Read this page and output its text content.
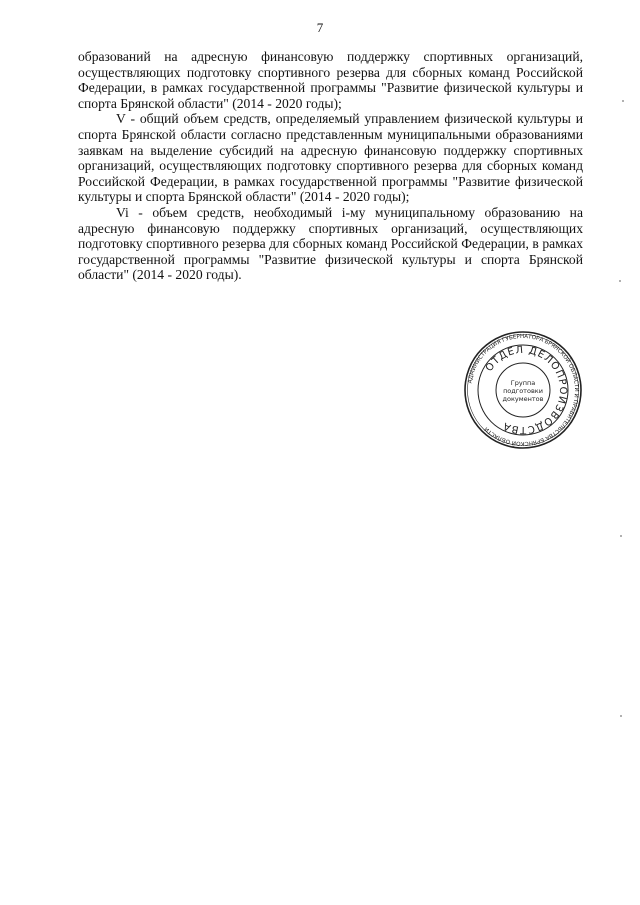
7

образований на адресную финансовую поддержку спортивных организаций, осуществляющих подготовку спортивного резерва для сборных команд Российской Федерации, в рамках государственной программы "Развитие физической культуры и спорта Брянской области" (2014 - 2020 годы);

V - общий объем средств, определяемый управлением физической культуры и спорта Брянской области согласно представленным муниципальными образованиями заявкам на выделение субсидий на адресную финансовую поддержку спортивных организаций, осуществляющих подготовку спортивного резерва для сборных команд Российской Федерации, в рамках государственной программы "Развитие физической культуры и спорта Брянской области" (2014 - 2020 годы);

Vi - объем средств, необходимый i-му муниципальному образованию на адресную финансовую поддержку спортивных организаций, осуществляющих подготовку спортивного резерва для сборных команд Российской Федерации, в рамках государственной программы "Развитие физической культуры и спорта Брянской области" (2014 - 2020 годы).

АДМИНИСТРАЦИЯ ГУБЕРНАТОРА БРЯНСКОЙ ОБЛАСТИ И ПРАВИТЕЛЬСТВА БРЯНСКОЙ ОБЛАСТИ
ОТДЕЛ ДЕЛОПРОИЗВОДСТВА
Группа
подготовки
документов
